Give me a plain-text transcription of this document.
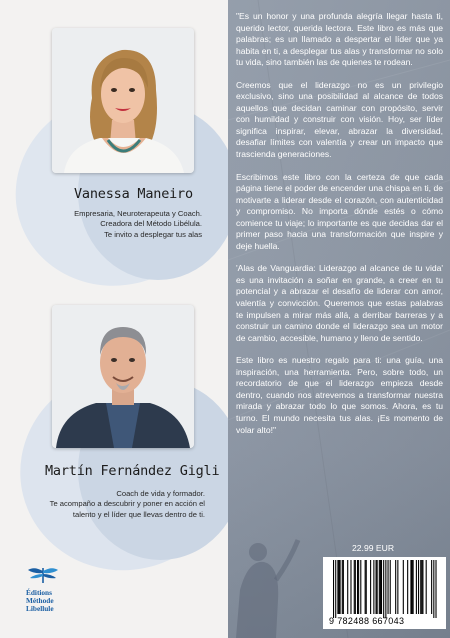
Vanessa Maneiro
Empresaria, Neuroterapeuta y Coach.
Creadora del Método Libélula.
Te invito a desplegar tus alas
Martín Fernández Gigli
Coach de vida y formador.
Te acompaño a descubrir y poner en acción el
talento y el líder que llevas dentro de ti.
Éditions
Méthode
Libellule

"Es un honor y una profunda alegría llegar hasta ti, querido lector, querida lectora. Este libro es más que palabras; es un llamado a despertar el líder que ya habita en ti, a desplegar tus alas y transformar no solo tu vida, sino también las de quienes te rodean.

Creemos que el liderazgo no es un privilegio exclusivo, sino una posibilidad al alcance de todos aquellos que decidan caminar con propósito, servir con humildad y construir con visión. Hoy, ser líder significa inspirar, elevar, abrazar la diversidad, desafiar límites con valentía y crear un impacto que trascienda generaciones.

Escribimos este libro con la certeza de que cada página tiene el poder de encender una chispa en ti, de motivarte a liderar desde el corazón, con autenticidad y compromiso. No importa dónde estés o cómo comience tu viaje; lo importante es que decidas dar el primer paso hacia una transformación que inspire y deje huella.

'Alas de Vanguardia: Liderazgo al alcance de tu vida' es una invitación a soñar en grande, a creer en tu potencial y a abrazar el desafío de liderar con amor, valentía y convicción. Queremos que estas palabras te impulsen a mirar más allá, a derribar barreras y a construir un camino donde el liderazgo sea un motor de cambio, accesible, humano y lleno de sentido.

Este libro es nuestro regalo para ti: una guía, una inspiración, una herramienta. Pero, sobre todo, un recordatorio de que el liderazgo empieza desde dentro, cuando nos atrevemos a transformar nuestra mirada y abrazar todo lo que somos. Ahora, es tu turno. El mundo necesita tus alas. ¡Es momento de volar alto!"

22.99 EUR
9 782488 667043
